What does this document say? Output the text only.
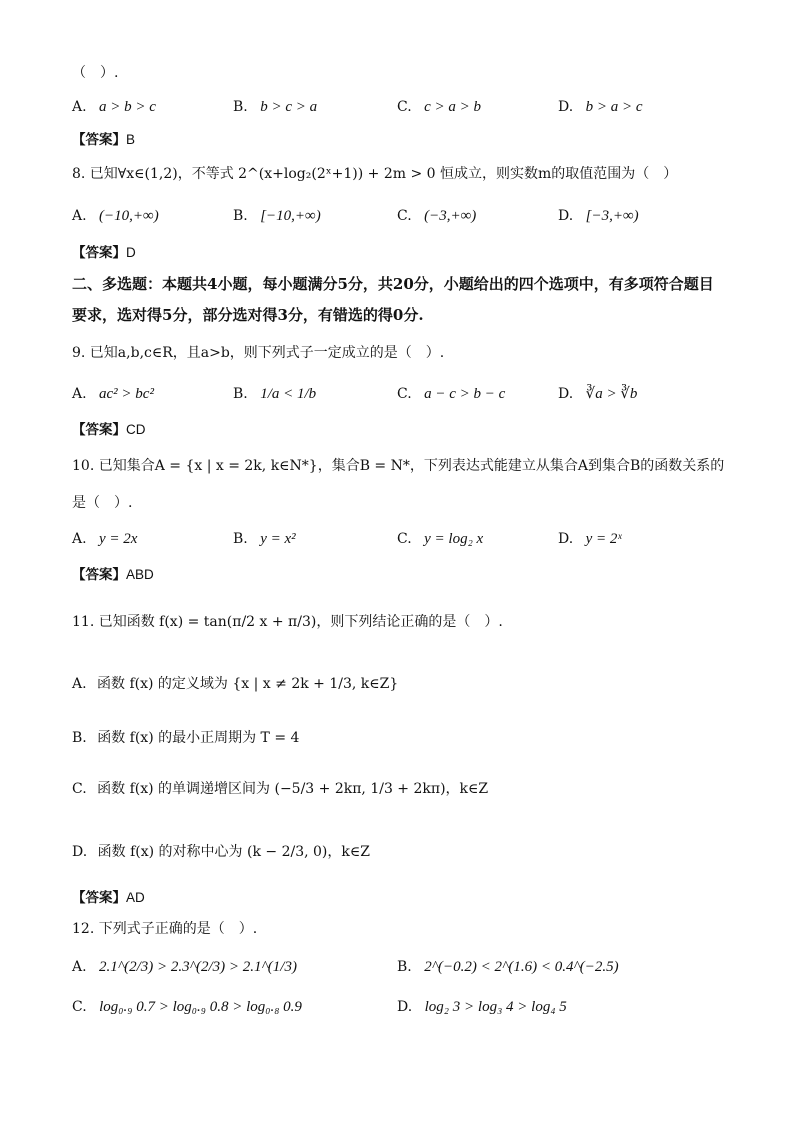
（　）.
A. a > b > c	B. b > c > a	C. c > a > b	D. b > a > c
【答案】B
8. 已知∀x∈(1,2)，不等式 2^(x+log₂(2ˣ+1)) + 2m > 0 恒成立，则实数m的取值范围为（　）
A. (−10,+∞)	B. [−10,+∞)	C. (−3,+∞)	D. [−3,+∞)
【答案】D
二、多选题：本题共4小题，每小题满分5分，共20分，小题给出的四个选项中，有多项符合题目要求，选对得5分，部分选对得3分，有错选的得0分.
9. 已知a,b,c∈R，且a>b，则下列式子一定成立的是（　）.
A. ac² > bc²	B. 1/a < 1/b	C. a − c > b − c	D. ∛a > ∛b
【答案】CD
10. 已知集合A = {x | x = 2k, k∈N*}，集合B = N*，下列表达式能建立从集合A到集合B的函数关系的
是（　）.
A. y = 2x	B. y = x²	C. y = log₂ x	D. y = 2ˣ
【答案】ABD
11. 已知函数 f(x) = tan(π/2 x + π/3)，则下列结论正确的是（　）.
A. 函数 f(x) 的定义域为 {x | x ≠ 2k + 1/3, k∈Z}
B. 函数 f(x) 的最小正周期为 T = 4
C. 函数 f(x) 的单调递增区间为 (−5/3 + 2kπ, 1/3 + 2kπ)，k∈Z
D. 函数 f(x) 的对称中心为 (k − 2/3, 0)，k∈Z
【答案】AD
12. 下列式子正确的是（　）.
A. 2.1^(2/3) > 2.3^(2/3) > 2.1^(1/3)	B. 2^(−0.2) < 2^(1.6) < 0.4^(−2.5)
C. log₀.₉ 0.7 > log₀.₉ 0.8 > log₀.₈ 0.9	D. log₂ 3 > log₃ 4 > log₄ 5
